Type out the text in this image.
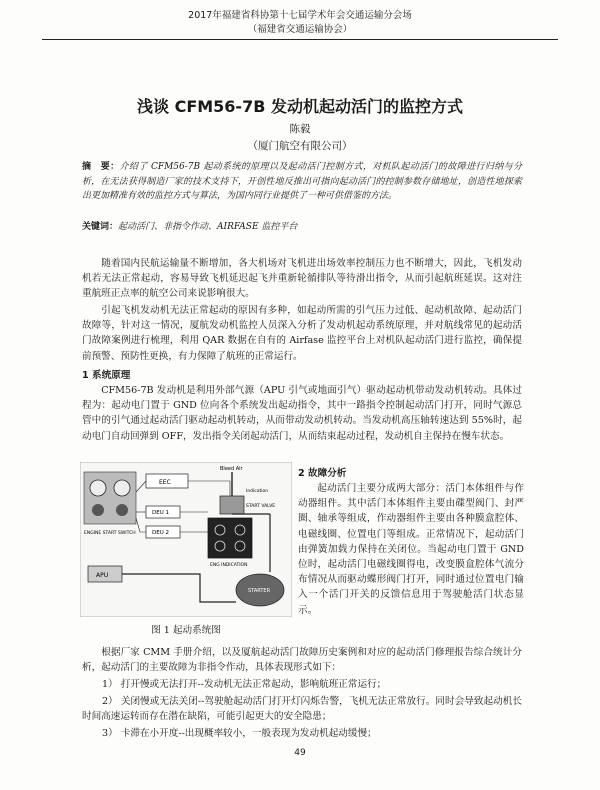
2017年福建省科协第十七届学术年会交通运输分会场
（福建省交通运输协会）
浅谈 CFM56-7B 发动机起动活门的监控方式
陈毅
（厦门航空有限公司）
摘　要：介绍了 CFM56-7B 起动系统的原理以及起动活门控制方式，对机队起动活门的故障进行归纳与分析，在无法获得制造厂家的技术支持下，开创性地反推出可指向起动活门的控制参数存储地址，创造性地探索出更加精准有效的监控方式与算法，为国内同行业提供了一种可供借鉴的方法。
关键词：起动活门、非指令作动、AIRFASE 监控平台
随着国内民航运输量不断增加，各大机场对飞机进出场效率控制压力也不断增大，因此，飞机发动机若无法正常起动，容易导致飞机延迟起飞并重新轮循排队等待滑出指令，从而引起航班延误。这对注重航班正点率的航空公司来说影响很大。
引起飞机发动机无法正常起动的原因有多种，如起动所需的引气压力过低、起动机故障、起动活门故障等，针对这一情况，厦航发动机监控人员深入分析了发动机起动系统原理，并对航线常见的起动活门故障案例进行梳理，利用 QAR 数据在自有的 Airfase 监控平台上对机队起动活门进行监控，确保提前预警、预防性更换，有力保障了航班的正常运行。
1 系统原理
CFM56-7B 发动机是利用外部气源（APU 引气或地面引气）驱动起动机带动发动机转动。具体过程为：起动电门置于 GND 位向各个系统发出起动指令，其中一路指令控制起动活门打开，同时气源总管中的引气通过起动活门驱动起动机转动，从而带动发动机转动。当发动机高压轴转速达到 55%时，起动电门自动回弹到 OFF，发出指令关闭起动活门，从而结束起动过程，发动机自主保持在慢车状态。
ENGINE START SWITCH
EEC
DEU 1
DEU 2
Bleed Air
START VALVE
Indication
ENG INDICATION
STARTER
APU
图 1 起动系统图
2 故障分析
起动活门主要分成两大部分：活门本体组件与作动器组件。其中活门本体组件主要由碟型阀门、封严圈、轴承等组成，作动器组件主要由各种膜盒腔体、电磁线圈、位置电门等组成。正常情况下，起动活门由弹簧加载力保持在关闭位。当起动电门置于 GND 位时，起动活门电磁线圈得电，改变膜盒腔体气流分布情况从而驱动蝶形阀门打开，同时通过位置电门输入一个活门开关的反馈信息用于驾驶舱活门状态显示。
根据厂家 CMM 手册介绍，以及厦航起动活门故障历史案例和对应的起动活门修理报告综合统计分析，起动活门的主要故障为非指令作动，具体表现形式如下：
1） 打开慢或无法打开--发动机无法正常起动，影响航班正常运行；
2） 关闭慢或无法关闭--驾驶舱起动活门打开灯闪烁告警，飞机无法正常放行。同时会导致起动机长时间高速运转而存在潜在缺陷，可能引起更大的安全隐患；
3） 卡滞在小开度--出现概率较小，一般表现为发动机起动缓慢；
49
